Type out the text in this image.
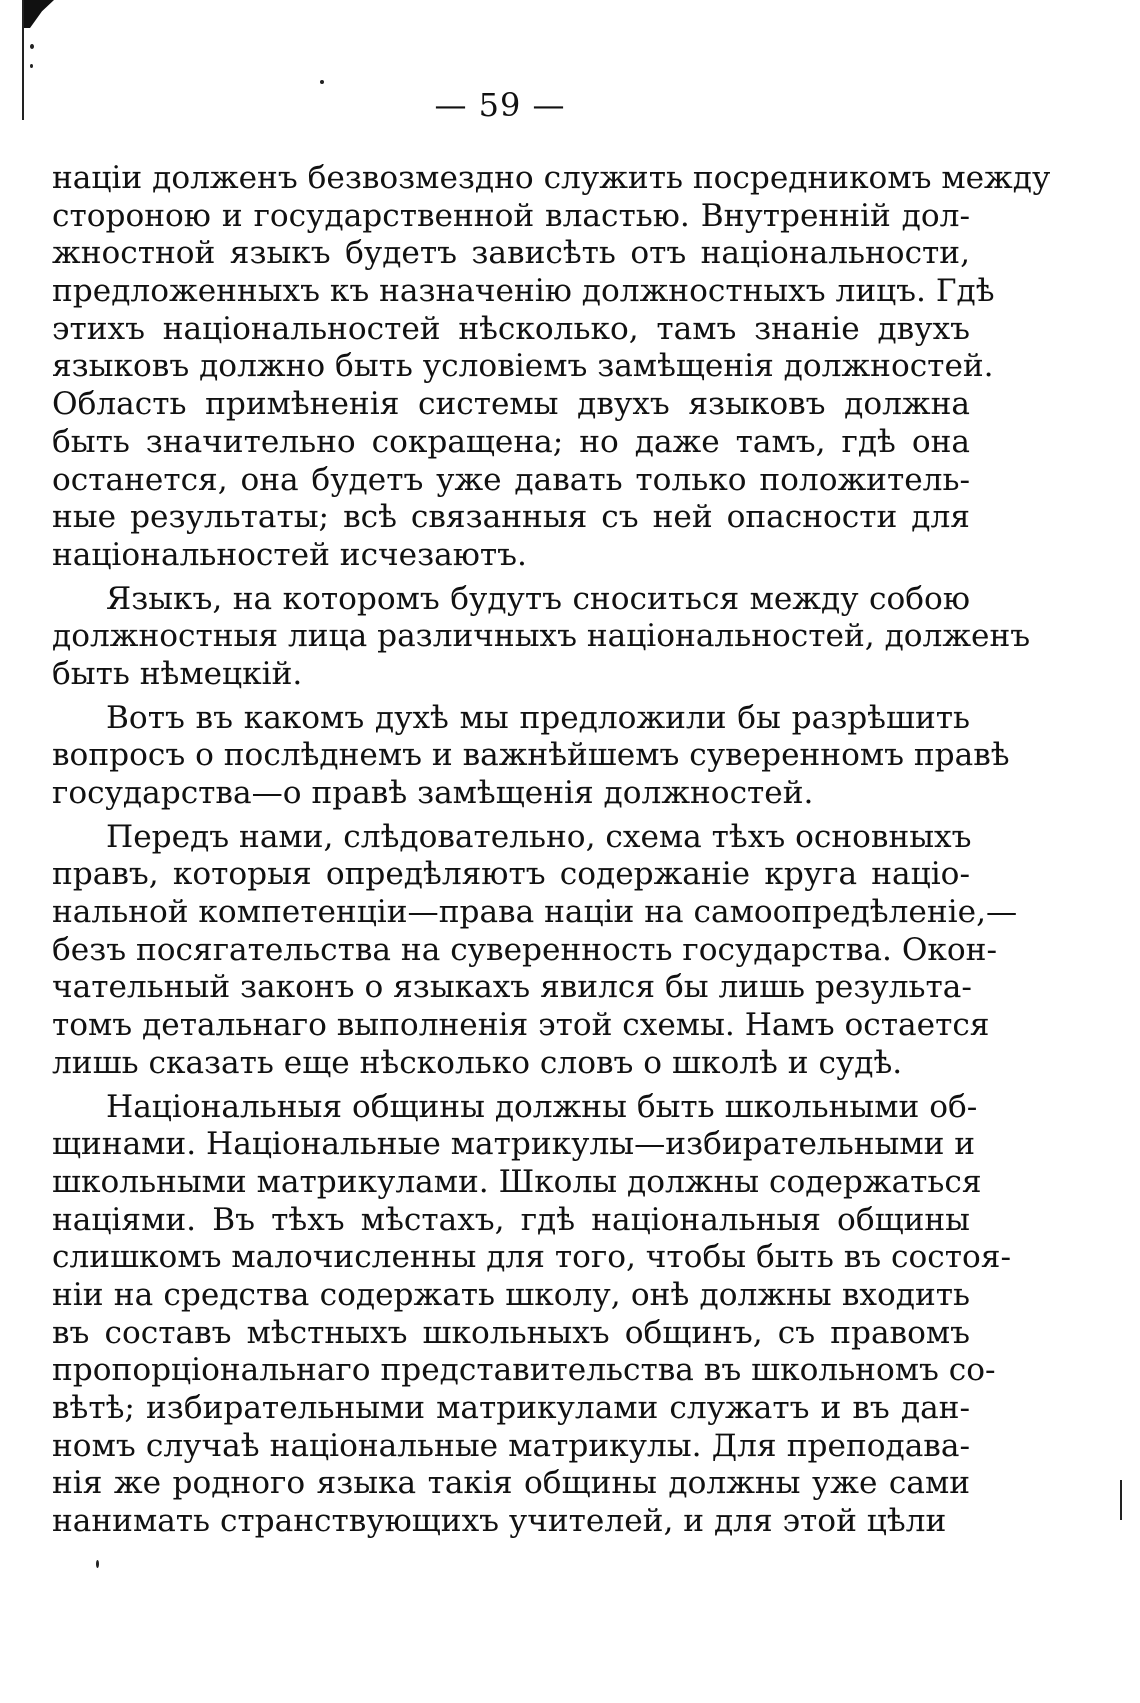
— 59 —
націи долженъ безвозмездно служить посредникомъ между
стороною и государственной властью. Внутренній дол-
жностной языкъ будетъ зависѣть отъ національности,
предложенныхъ къ назначенію должностныхъ лицъ. Гдѣ
этихъ національностей нѣсколько, тамъ знаніе двухъ
языковъ должно быть условіемъ замѣщенія должностей.
Область примѣненія системы двухъ языковъ должна
быть значительно сокращена; но даже тамъ, гдѣ она
останется, она будетъ уже давать только положитель-
ные результаты; всѣ связанныя съ ней опасности для
національностей исчезаютъ.
Языкъ, на которомъ будутъ сноситься между собою
должностныя лица различныхъ національностей, долженъ
быть нѣмецкій.
Вотъ въ какомъ духѣ мы предложили бы разрѣшить
вопросъ о послѣднемъ и важнѣйшемъ суверенномъ правѣ
государства—о правѣ замѣщенія должностей.
Передъ нами, слѣдовательно, схема тѣхъ основныхъ
правъ, которыя опредѣляютъ содержаніе круга націо-
нальной компетенціи—права націи на самоопредѣленіе,—
безъ посягательства на суверенность государства. Окон-
чательный законъ о языкахъ явился бы лишь результа-
томъ детальнаго выполненія этой схемы. Намъ остается
лишь сказать еще нѣсколько словъ о школѣ и судѣ.
Національныя общины должны быть школьными об-
щинами. Національные матрикулы—избирательными и
школьными матрикулами. Школы должны содержаться
націями. Въ тѣхъ мѣстахъ, гдѣ національныя общины
слишкомъ малочисленны для того, чтобы быть въ состоя-
ніи на средства содержать школу, онѣ должны входить
въ составъ мѣстныхъ школьныхъ общинъ, съ правомъ
пропорціональнаго представительства въ школьномъ со-
вѣтѣ; избирательными матрикулами служатъ и въ дан-
номъ случаѣ національные матрикулы. Для преподава-
нія же родного языка такія общины должны уже сами
нанимать странствующихъ учителей, и для этой цѣли
